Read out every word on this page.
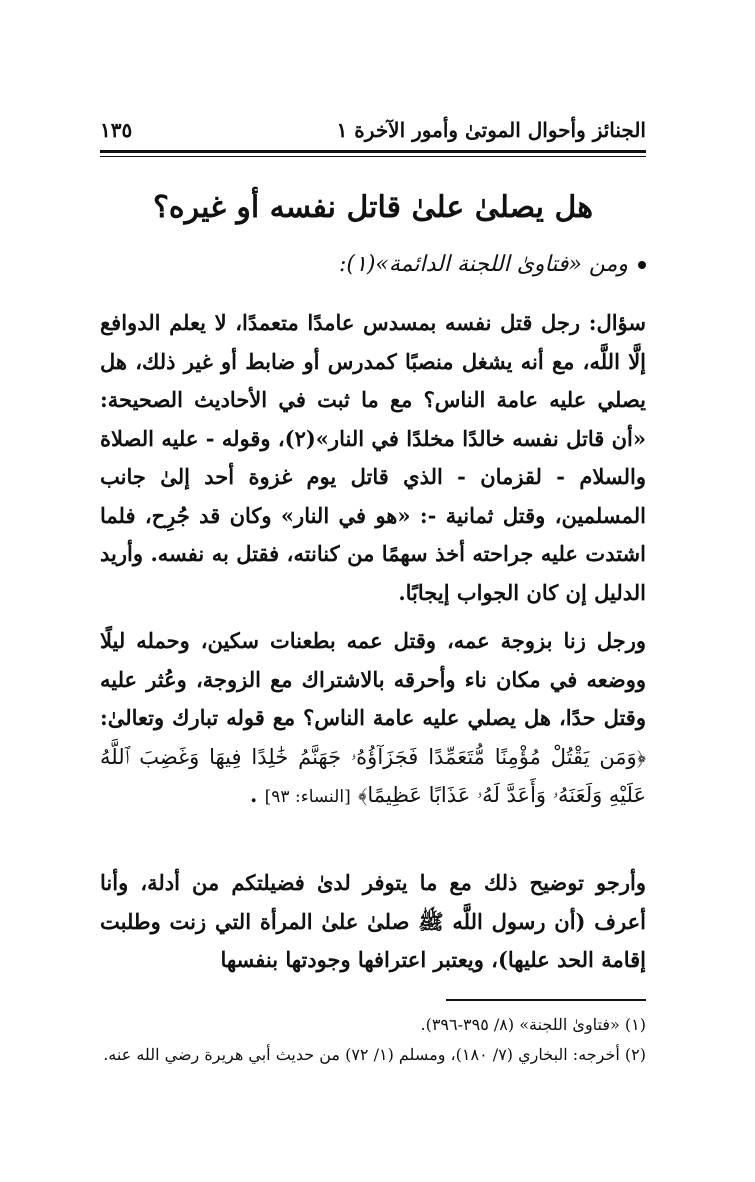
الجنائز وأحوال الموتىٰ وأمور الآخرة ١
١٣٥
هل يصلىٰ علىٰ قاتل نفسه أو غيره؟
ومن «فتاوىٰ اللجنة الدائمة»(١):
سؤال: رجل قتل نفسه بمسدس عامدًا متعمدًا، لا يعلم الدوافع إلَّا اللَّه، مع أنه يشغل منصبًا كمدرس أو ضابط أو غير ذلك، هل يصلي عليه عامة الناس؟ مع ما ثبت في الأحاديث الصحيحة: «أن قاتل نفسه خالدًا مخلدًا في النار»(٢)، وقوله - عليه الصلاة والسلام - لقزمان - الذي قاتل يوم غزوة أحد إلىٰ جانب المسلمين، وقتل ثمانية -: «هو في النار» وكان قد جُرِح، فلما اشتدت عليه جراحته أخذ سهمًا من كنانته، فقتل به نفسه. وأريد الدليل إن كان الجواب إيجابًا.
ورجل زنا بزوجة عمه، وقتل عمه بطعنات سكين، وحمله ليلًا ووضعه في مكان ناء وأحرقه بالاشتراك مع الزوجة، وعُثر عليه وقتل حدًا، هل يصلي عليه عامة الناس؟ مع قوله تبارك وتعالىٰ: ﴿وَمَن يَقْتُلْ مُؤْمِنًا مُّتَعَمِّدًا فَجَزَآؤُهُۥ جَهَنَّمُ خَٰلِدًا فِيهَا وَغَضِبَ ٱللَّهُ عَلَيْهِ وَلَعَنَهُۥ وَأَعَدَّ لَهُۥ عَذَابًا عَظِيمًا﴾ [النساء: ٩٣] .
وأرجو توضيح ذلك مع ما يتوفر لدىٰ فضيلتكم من أدلة، وأنا أعرف (أن رسول اللَّه ﷺ صلىٰ علىٰ المرأة التي زنت وطلبت إقامة الحد عليها)، ويعتبر اعترافها وجودتها بنفسها
(١) «فتاوىٰ اللجنة» (٨/ ٣٩٥-٣٩٦).
(٢) أخرجه: البخاري (٧/ ١٨٠)، ومسلم (١/ ٧٢) من حديث أبي هريرة رضي الله عنه.
